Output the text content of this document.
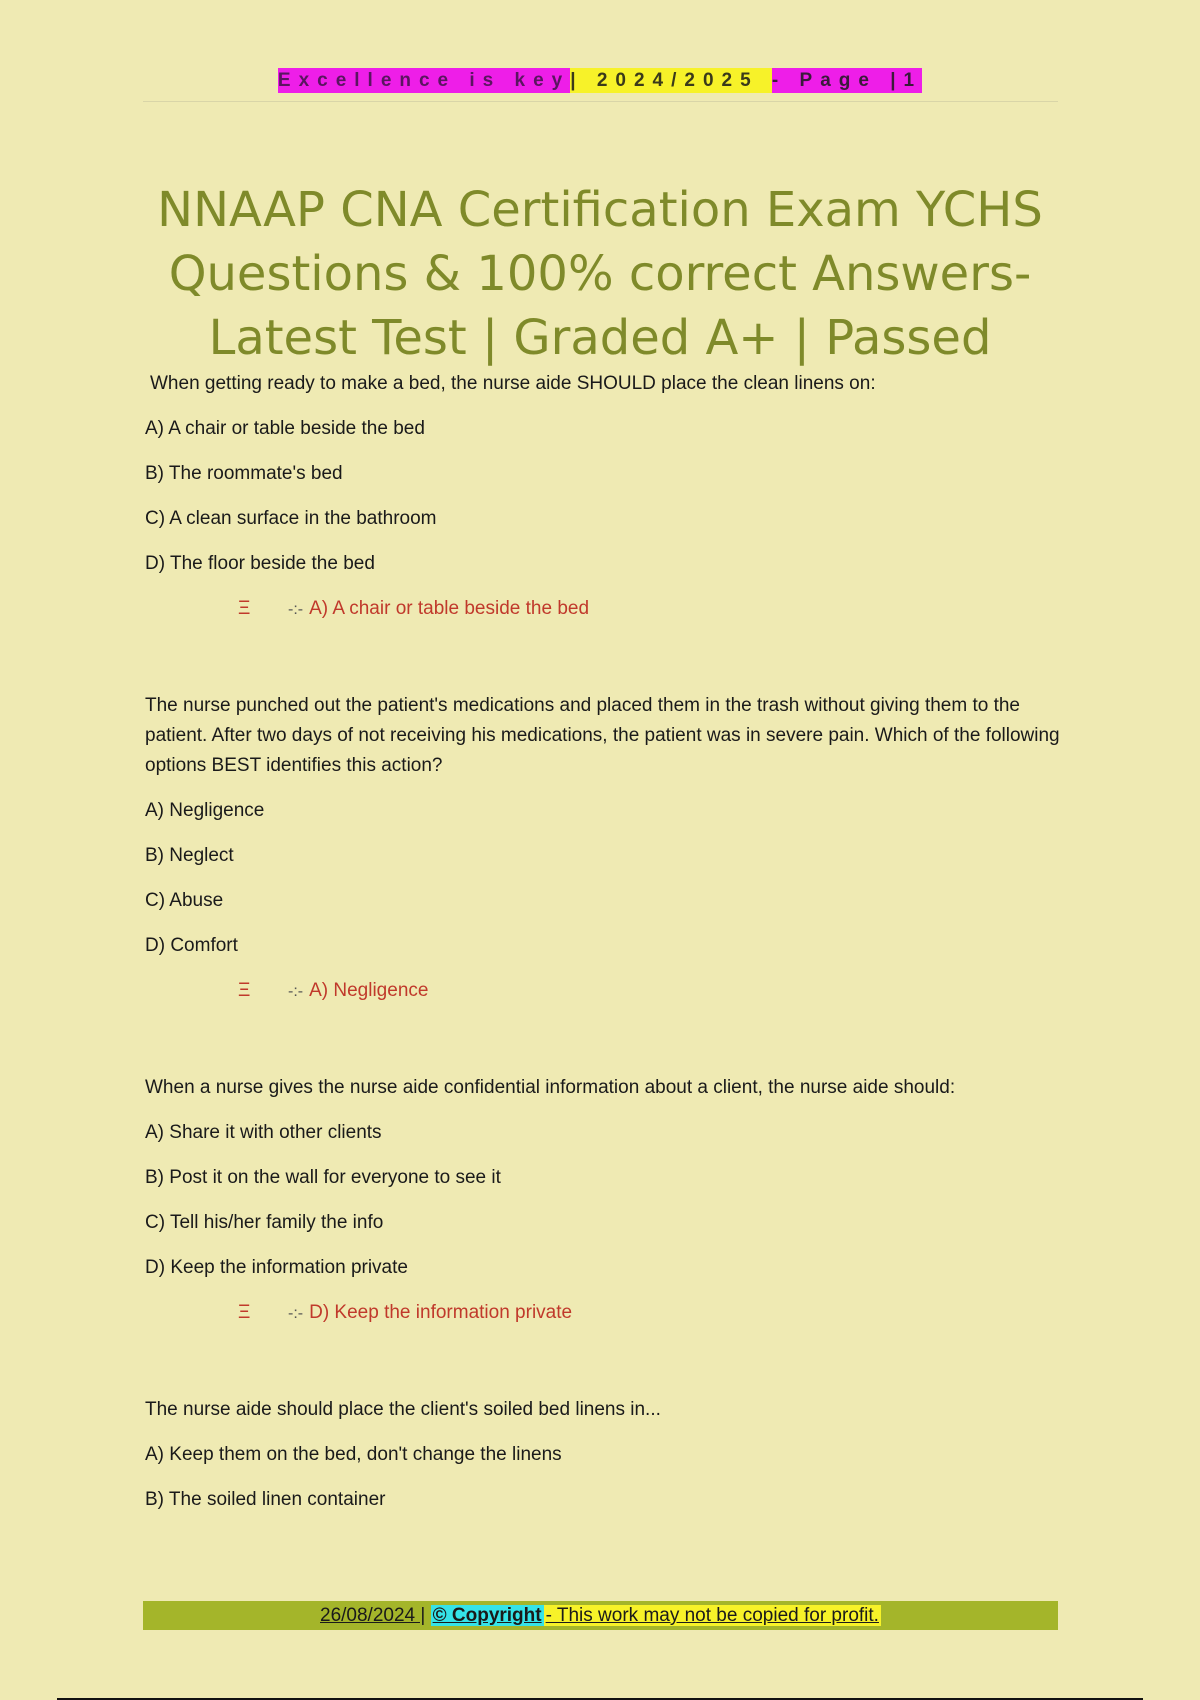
Excellence is key| 2024/2025 - Page |1
NNAAP CNA Certification Exam YCHS
Questions & 100% correct Answers-
Latest Test | Graded A+ | Passed
When getting ready to make a bed, the nurse aide SHOULD place the clean linens on:
A) A chair or table beside the bed
B) The roommate's bed
C) A clean surface in the bathroom
D) The floor beside the bed
Ξ -:- A) A chair or table beside the bed
The nurse punched out the patient's medications and placed them in the trash without giving them to the patient. After two days of not receiving his medications, the patient was in severe pain. Which of the following options BEST identifies this action?
A) Negligence
B) Neglect
C) Abuse
D) Comfort
Ξ -:- A) Negligence
When a nurse gives the nurse aide confidential information about a client, the nurse aide should:
A) Share it with other clients
B) Post it on the wall for everyone to see it
C) Tell his/her family the info
D) Keep the information private
Ξ -:- D) Keep the information private
The nurse aide should place the client's soiled bed linens in...
A) Keep them on the bed, don't change the linens
B) The soiled linen container
26/08/2024 | © Copyright - This work may not be copied for profit.
